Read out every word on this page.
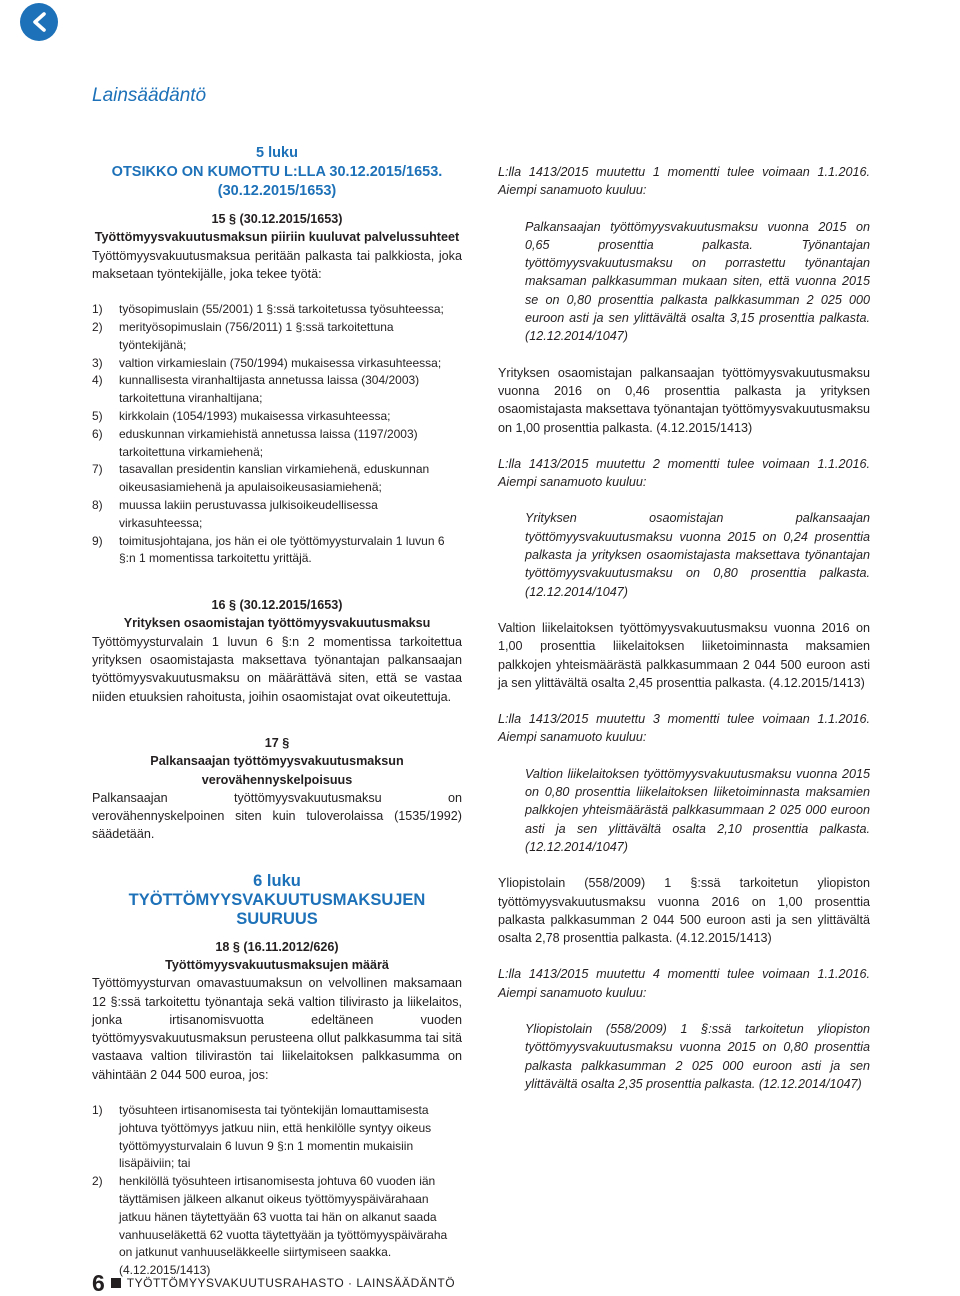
Lainsäädäntö
5 luku
OTSIKKO ON KUMOTTU L:LLA 30.12.2015/1653.
(30.12.2015/1653)
15 § (30.12.2015/1653)
Työttömyysvakuutusmaksun piiriin kuuluvat palvelussuhteet

Työttömyysvakuutusmaksua peritään palkasta tai palkkiosta, joka maksetaan työntekijälle, joka tekee työtä:

1) työsopimuslain (55/2001) 1 §:ssä tarkoitetussa työsuhteessa;
2) merityösopimuslain (756/2011) 1 §:ssä tarkoitettuna työntekijänä;
3) valtion virkamieslain (750/1994) mukaisessa virkasuhteessa;
4) kunnallisesta viranhaltijasta annetussa laissa (304/2003) tarkoitettuna viranhaltijana;
5) kirkkolain (1054/1993) mukaisessa virkasuhteessa;
6) eduskunnan virkamiehistä annetussa laissa (1197/2003) tarkoitettuna virkamiehenä;
7) tasavallan presidentin kanslian virkamiehenä, eduskunnan oikeusasiamiehenä ja apulaisoikeusasiamiehenä;
8) muussa lakiin perustuvassa julkisoikeudellisessa virkasuhteessa;
9) toimitusjohtajana, jos hän ei ole työttömyysturvalain 1 luvun 6 §:n 1 momentissa tarkoitettu yrittäjä.
16 § (30.12.2015/1653)
Yrityksen osaomistajan työttömyysvakuutusmaksu

Työttömyysturvalain 1 luvun 6 §:n 2 momentissa tarkoitettua yrityksen osaomistajasta maksettava työnantajan palkansaajan työttömyysvakuutusmaksu on määrättävä siten, että se vastaa niiden etuuksien rahoitusta, joihin osaomistajat ovat oikeutettuja.

17 §
Palkansaajan työttömyysvakuutusmaksun
verovähennyskelpoisuus

Palkansaajan työttömyysvakuutusmaksu on verovähennyskelpoinen siten kuin tuloverolaissa (1535/1992) säädetään.

6 luku
TYÖTTÖMYYSVAKUUTUSMAKSUJEN SUURUUS
18 § (16.11.2012/626)
Työttömyysvakuutusmaksujen määrä

Työttömyysturvan omavastuumaksun on velvollinen maksamaan 12 §:ssä tarkoitettu työnantaja sekä valtion tilivirasto ja liikelaitos, jonka irtisanomisvuotta edeltäneen vuoden työttömyysvakuutusmaksun perusteena ollut palkkasumma tai sitä vastaava valtion tilivirastön tai liikelaitoksen palkkasumma on vähintään 2 044 500 euroa, jos:

1) työsuhteen irtisanomisesta tai työntekijän lomauttamisesta johtuva työttömyys jatkuu niin, että henkilölle syntyy oikeus työttömyysturvalain 6 luvun 9 §:n 1 momentin mukaisiin lisäpäiviin; tai
2) henkilöllä työsuhteen irtisanomisesta johtuva 60 vuoden iän täyttämisen jälkeen alkanut oikeus työttömyyspäivärahaan jatkuu hänen täytettyään 63 vuotta tai hän on alkanut saada vanhuuseläkettä 62 vuotta täytettyään ja työttömyyspäiväraha on jatkunut vanhuuseläkkeelle siirtymiseen saakka. (4.12.2015/1413)

L:lla 1413/2015 muutettu 1 momentti tulee voimaan 1.1.2016. Aiempi sanamuoto kuuluu:

Palkansaajan työttömyysvakuutusmaksu vuonna 2015 on 0,65 prosenttia palkasta. Työnantajan työttömyysvakuutusmaksu on porrastettu työnantajan maksaman palkkasumman mukaan siten, että vuonna 2015 se on 0,80 prosenttia palkasta palkkasumman 2 025 000 euroon asti ja sen ylittävältä osalta 3,15 prosenttia palkasta. (12.12.2014/1047)

Yrityksen osaomistajan palkansaajan työttömyysvakuutusmaksu vuonna 2016 on 0,46 prosenttia palkasta ja yrityksen osaomistajasta maksettava työnantajan työttömyysvakuutusmaksu on 1,00 prosenttia palkasta. (4.12.2015/1413)

L:lla 1413/2015 muutettu 2 momentti tulee voimaan 1.1.2016. Aiempi sanamuoto kuuluu:

Yrityksen osaomistajan palkansaajan työttömyysvakuutusmaksu vuonna 2015 on 0,24 prosenttia palkasta ja yrityksen osaomistajasta maksettava työnantajan työttömyysvakuutusmaksu on 0,80 prosenttia palkasta. (12.12.2014/1047)

Valtion liikelaitoksen työttömyysvakuutusmaksu vuonna 2016 on 1,00 prosenttia liikelaitoksen liiketoiminnasta maksamien palkkojen yhteismäärästä palkkasummaan 2 044 500 euroon asti ja sen ylittävältä osalta 2,45 prosenttia palkasta. (4.12.2015/1413)

L:lla 1413/2015 muutettu 3 momentti tulee voimaan 1.1.2016. Aiempi sanamuoto kuuluu:

Valtion liikelaitoksen työttömyysvakuutusmaksu vuonna 2015 on 0,80 prosenttia liikelaitoksen liiketoiminnasta maksamien palkkojen yhteismäärästä palkkasummaan 2 025 000 euroon asti ja sen ylittävältä osalta 2,10 prosenttia palkasta. (12.12.2014/1047)

Yliopistolain (558/2009) 1 §:ssä tarkoitetun yliopiston työttömyysvakuutusmaksu vuonna 2016 on 1,00 prosenttia palkasta palkkasumman 2 044 500 euroon asti ja sen ylittävältä osalta 2,78 prosenttia palkasta. (4.12.2015/1413)

L:lla 1413/2015 muutettu 4 momentti tulee voimaan 1.1.2016. Aiempi sanamuoto kuuluu:

Yliopistolain (558/2009) 1 §:ssä tarkoitetun yliopiston työttömyysvakuutusmaksu vuonna 2015 on 0,80 prosenttia palkasta palkkasumman 2 025 000 euroon asti ja sen ylittävältä osalta 2,35 prosenttia palkasta. (12.12.2014/1047)

6 TYÖTTÖMYYSVAKUUTUSRAHASTO · LAINSÄÄDÄNTÖ
